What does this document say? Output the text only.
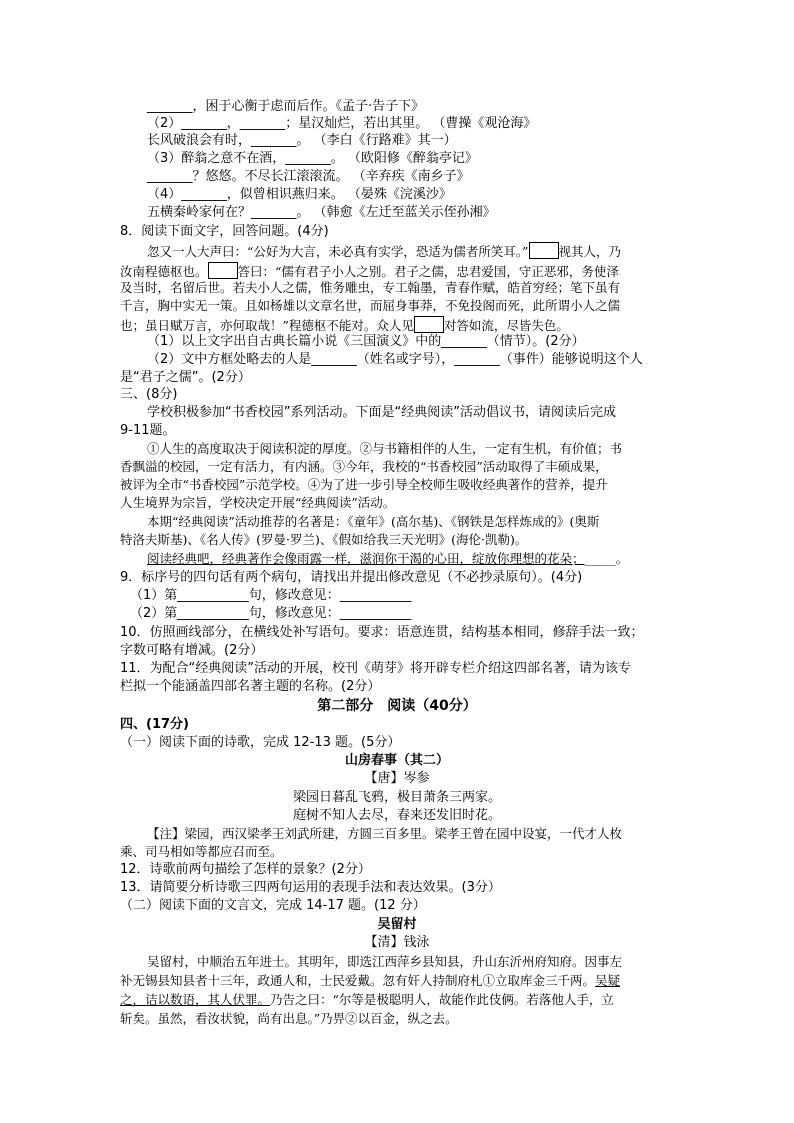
_______，困于心衡于虑而后作。《孟子·告子下》
（2）_______，_______；星汉灿烂，若出其里。 （曹操《观沧海》
长风破浪会有时，_______。 （李白《行路难》其一）
（3）醉翁之意不在酒，_______。 （欧阳修《醉翁亭记》
_______？悠悠。不尽长江滚滚流。 （辛弃疾《南乡子》
（4）_______，似曾相识燕归来。 （晏殊《浣溪沙》
五横秦岭家何在？_______。 （韩愈《左迁至蓝关示侄孙湘》
8．阅读下面文字，回答问题。(4分)
忽又一人大声曰：“公好为大言，未必真有实学，恐适为儒者所笑耳。” 视其人，乃
汝南程德枢也。 答曰：“儒有君子小人之别。君子之儒，忠君爱国，守正恶邪，务使泽
及当时，名留后世。若夫小人之儒，惟务雕虫，专工翰墨，青春作赋，皓首穷经；笔下虽有
千言，胸中实无一策。且如杨雄以文章名世，而屈身事莽，不免投阁而死，此所谓小人之儒
也；虽日赋万言，亦何取哉！”程德枢不能对。众人见 对答如流，尽皆失色。
（1）以上文字出自古典长篇小说《三国演义》中的_______（情节）。(2分）
（2）文中方框处略去的人是_______（姓名或字号），_______（事件）能够说明这个人
是“君子之儒”。(2分）
三、(8分)
学校积极参加“书香校园”系列活动。下面是“经典阅读”活动倡议书，请阅读后完成
9-11题。
①人生的高度取决于阅读积淀的厚度。②与书籍相伴的人生，一定有生机，有价值；书
香飘溢的校园，一定有活力，有内涵。③今年，我校的“书香校园”活动取得了丰硕成果，
被评为全市“书香校园”示范学校。④为了进一步引导全校师生吸收经典著作的营养，提升
人生境界为宗旨，学校决定开展“经典阅读”活动。
本期“经典阅读”活动推荐的名著是：《童年》(高尔基)、《钢铁是怎样炼成的》(奥斯
特洛夫斯基)、《名人传》(罗曼·罗兰)、《假如给我三天光明》(海伦·凯勒)。
阅读经典吧，经典著作会像雨露一样，滋润你干渴的心田，绽放你理想的花朵；_____。
9．标序号的四句话有两个病句，请找出并提出修改意见（不必抄录原句）。(4分)
（1）第___________句，修改意见：___________
（2）第___________句，修改意见：___________
10．仿照画线部分，在横线处补写语句。要求：语意连贯，结构基本相同，修辞手法一致；
字数可略有增减。(2分）
11．为配合“经典阅读”活动的开展，校刊《萌芽》将开辟专栏介绍这四部名著，请为该专
栏拟一个能涵盖四部名著主题的名称。(2分）
第二部分　阅读（40分）
四、(17分)
（一）阅读下面的诗歌，完成 12-13 题。(5分）
山房春事（其二）
【唐】岑参
梁园日暮乱飞鸦，极目萧条三两家。
庭树不知人去尽，春来还发旧时花。
【注】梁园，西汉梁孝王刘武所建，方圆三百多里。梁孝王曾在园中设宴，一代才人枚
乘、司马相如等都应召而至。
12．诗歌前两句描绘了怎样的景象？(2分）
13．请简要分析诗歌三四两句运用的表现手法和表达效果。(3分）
（二）阅读下面的文言文，完成 14-17 题。(12 分）
吴留村
【清】钱泳
吴留村，中顺治五年进士。其明年，即选江西萍乡县知县，升山东沂州府知府。因事左
补无锡县知县者十三年，政通人和，士民爱戴。忽有奸人持制府札①立取库金三千两。吴疑
之，诘以数语，其人伏罪。乃告之曰：“尔等是极聪明人，故能作此伎俩。若落他人手，立
斩矣。虽然，看汝状貌，尚有出息。”乃畀②以百金，纵之去。
